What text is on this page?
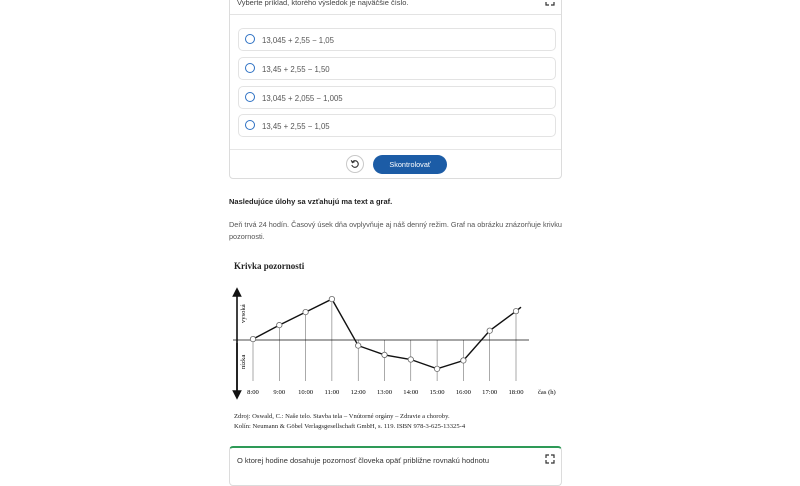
Vyberte príklad, ktorého výsledok je najväčšie číslo.
13,045 + 2,55 − 1,05
13,45 + 2,55 − 1,50
13,045 + 2,055 − 1,005
13,45 + 2,55 − 1,05
Skontrolovať
Nasledujúce úlohy sa vzťahujú ma text a graf.
Deň trvá 24 hodín. Časový úsek dňa ovplyvňuje aj náš denný režim. Graf na obrázku znázorňuje krivku pozornosti.
Krivka pozornosti
vysoká
nízka
8:00 9:00 10:00 11:00 12:00 13:00 14:00 15:00 16:00 17:00 18:00 čas (h)
Zdroj: Oswald, C.: Naše telo. Stavba tela – Vnútorné orgány – Zdravie a choroby.
Kolín: Neumann & Göbel Verlagsgesellschaft GmbH, s. 119. ISBN 978-3-625-13325-4
O ktorej hodine dosahuje pozornosť človeka opäť približne rovnakú hodnotu
